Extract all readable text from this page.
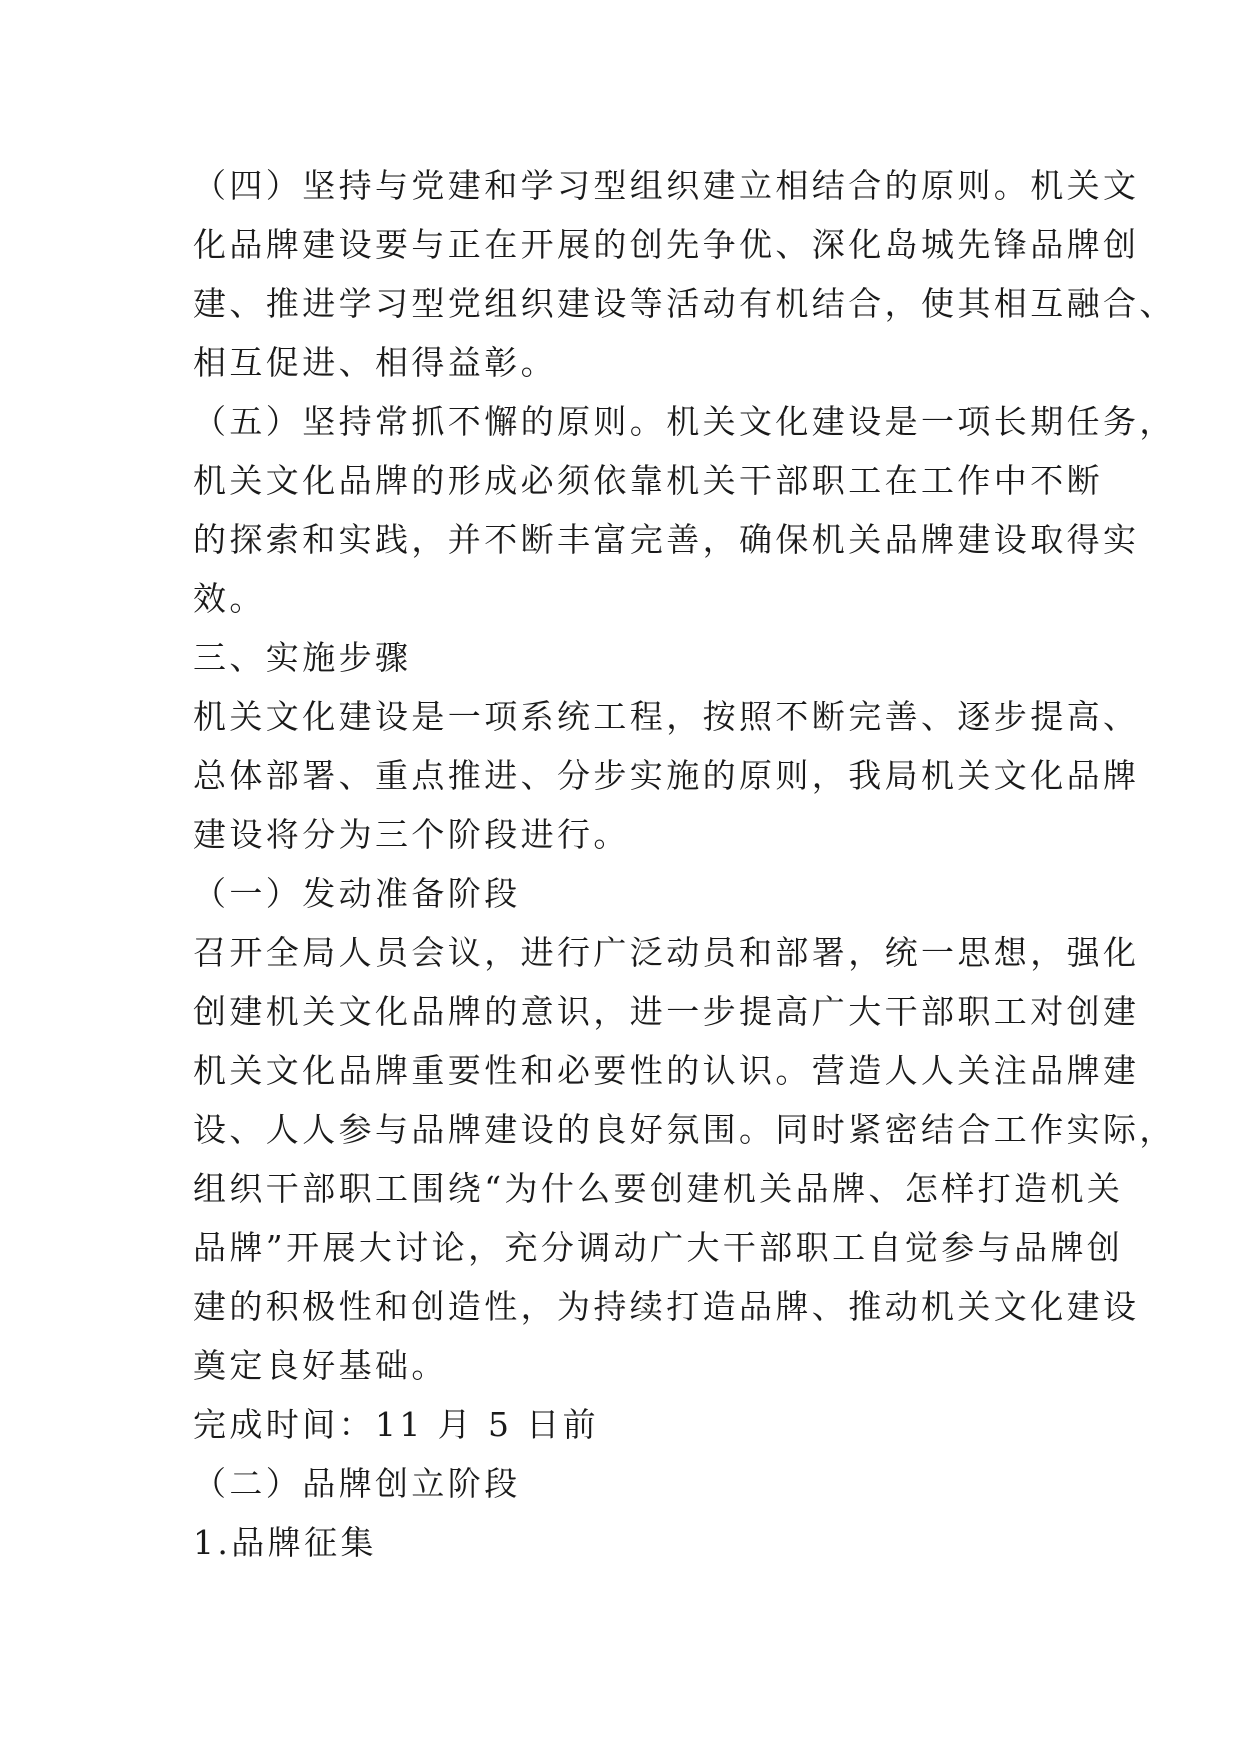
（四）坚持与党建和学习型组织建立相结合的原则。机关文
化品牌建设要与正在开展的创先争优、深化岛城先锋品牌创
建、推进学习型党组织建设等活动有机结合，使其相互融合、
相互促进、相得益彰。
（五）坚持常抓不懈的原则。机关文化建设是一项长期任务，
机关文化品牌的形成必须依靠机关干部职工在工作中不断
的探索和实践，并不断丰富完善，确保机关品牌建设取得实
效。
三、实施步骤
机关文化建设是一项系统工程，按照不断完善、逐步提高、
总体部署、重点推进、分步实施的原则，我局机关文化品牌
建设将分为三个阶段进行。
（一）发动准备阶段
召开全局人员会议，进行广泛动员和部署，统一思想，强化
创建机关文化品牌的意识，进一步提高广大干部职工对创建
机关文化品牌重要性和必要性的认识。营造人人关注品牌建
设、人人参与品牌建设的良好氛围。同时紧密结合工作实际，
组织干部职工围绕“为什么要创建机关品牌、怎样打造机关
品牌”开展大讨论，充分调动广大干部职工自觉参与品牌创
建的积极性和创造性，为持续打造品牌、推动机关文化建设
奠定良好基础。
完成时间：11 月 5 日前
（二）品牌创立阶段
1.品牌征集
